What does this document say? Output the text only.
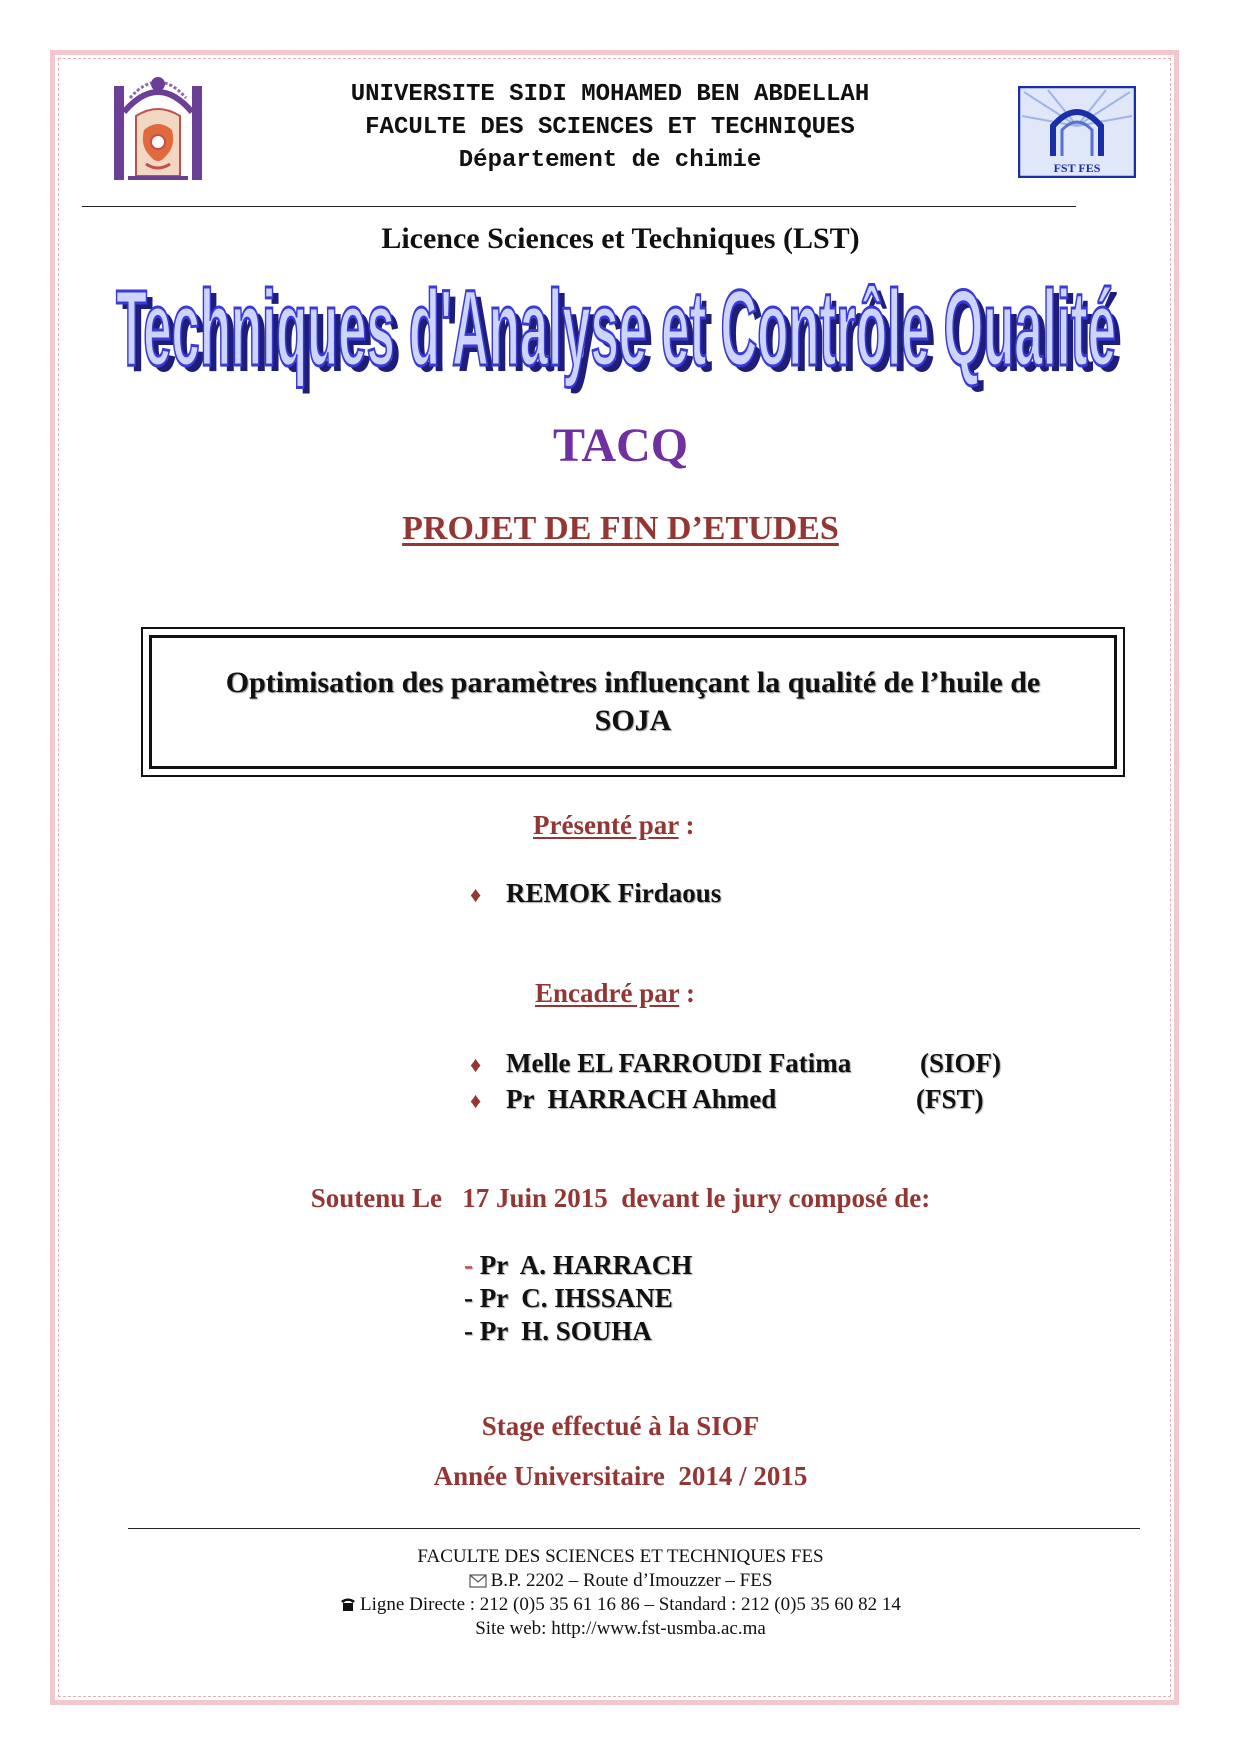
UNIVERSITE SIDI MOHAMED BEN ABDELLAH
FACULTE DES SCIENCES ET TECHNIQUES
Département de chimie	FST FES
Licence Sciences et Techniques (LST)
Techniques d'Analyse et Contrôle Qualité
Techniques d'Analyse et Contrôle Qualité
TACQ
PROJET DE FIN D’ETUDES
Optimisation des paramètres influençant la qualité de l’huile de
SOJA
Présenté par :
♦ REMOK Firdaous
Encadré par :
♦ Melle EL FARROUDI Fatima	(SIOF)
♦ Pr  HARRACH Ahmed	(FST)
Soutenu Le   17 Juin 2015  devant le jury composé de:
- Pr  A. HARRACH
- Pr  C. IHSSANE
- Pr  H. SOUHA
Stage effectué à la SIOF
Année Universitaire  2014 / 2015
FACULTE DES SCIENCES ET TECHNIQUES FES
B.P. 2202 – Route d’Imouzzer – FES
Ligne Directe : 212 (0)5 35 61 16 86 – Standard : 212 (0)5 35 60 82 14
Site web: http://www.fst-usmba.ac.ma
